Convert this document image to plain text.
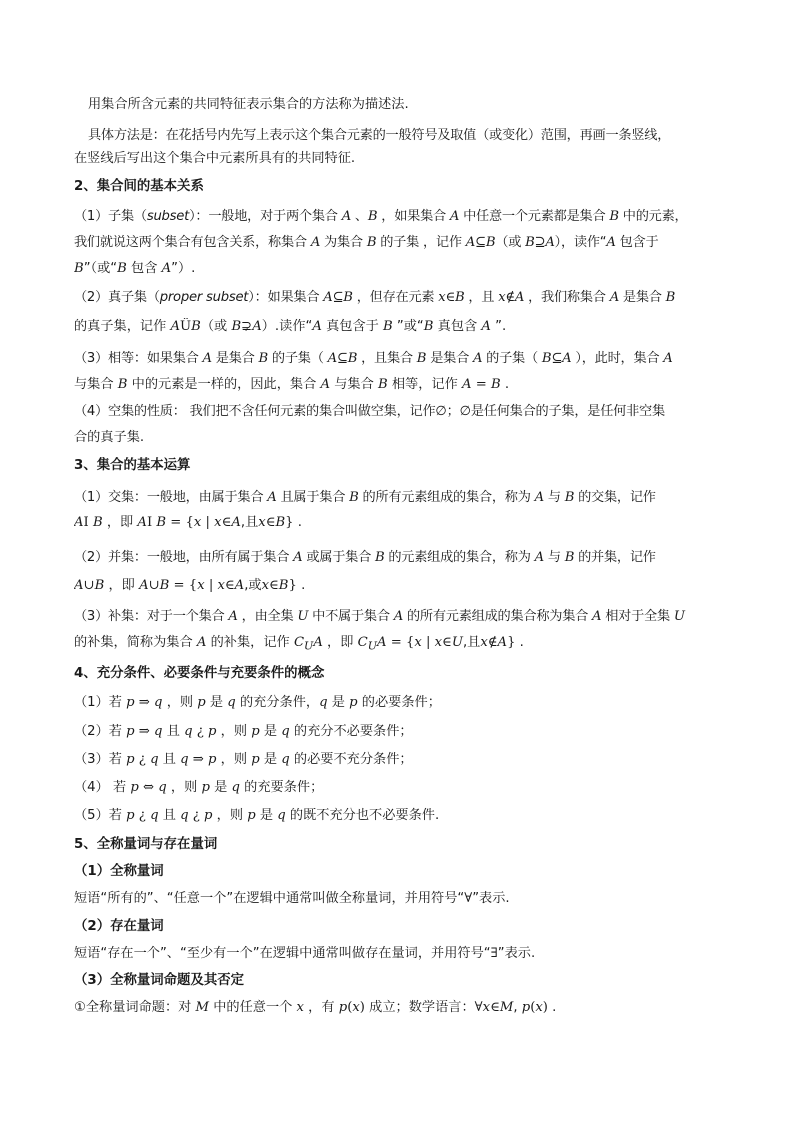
用集合所含元素的共同特征表示集合的方法称为描述法.
具体方法是：在花括号内先写上表示这个集合元素的一般符号及取值（或变化）范围，再画一条竖线，
在竖线后写出这个集合中元素所具有的共同特征.
2、集合间的基本关系
（1）子集（subset）：一般地，对于两个集合 A 、B ，如果集合 A 中任意一个元素都是集合 B 中的元素，
我们就说这两个集合有包含关系，称集合 A 为集合 B 的子集 ，记作 A⊆B（或 B⊇A），读作“A 包含于
B”（或“B 包含 A”）.
（2）真子集（proper subset）：如果集合 A⊆B ，但存在元素 x∈B ，且 x∉A ，我们称集合 A 是集合 B
的真子集，记作 AÜB（或 B⊋A）.读作“A 真包含于 B ”或“B 真包含 A ”.
（3）相等：如果集合 A 是集合 B 的子集（ A⊆B ，且集合 B 是集合 A 的子集（ B⊆A ），此时，集合 A
与集合 B 中的元素是一样的，因此，集合 A 与集合 B 相等，记作 A = B .
（4）空集的性质： 我们把不含任何元素的集合叫做空集，记作∅；∅是任何集合的子集，是任何非空集
合的真子集.
3、集合的基本运算
（1）交集：一般地，由属于集合 A 且属于集合 B 的所有元素组成的集合，称为 A 与 B 的交集，记作
AI B ，即 AI B = {x | x∈A,且x∈B} .
（2）并集：一般地，由所有属于集合 A 或属于集合 B 的元素组成的集合，称为 A 与 B 的并集，记作
A∪B ，即 A∪B = {x | x∈A,或x∈B} .
（3）补集：对于一个集合 A ，由全集 U 中不属于集合 A 的所有元素组成的集合称为集合 A 相对于全集 U
的补集，简称为集合 A 的补集，记作 $C_UA$ ，即 $C_UA = \{x$ | x∈U,且x∉A} .
4、充分条件、必要条件与充要条件的概念
（1）若 p ⇒ q ，则 p 是 q 的充分条件，q 是 p 的必要条件；
（2）若 p ⇒ q 且 q ¿ p ，则 p 是 q 的充分不必要条件；
（3）若 p ¿ q 且 q ⇒ p ，则 p 是 q 的必要不充分条件；
（4） 若 p ⇔ q ，则 p 是 q 的充要条件；
（5）若 p ¿ q 且 q ¿ p ，则 p 是 q 的既不充分也不必要条件.
5、全称量词与存在量词
（1）全称量词
短语“所有的”、“任意一个”在逻辑中通常叫做全称量词，并用符号“∀”表示.
（2）存在量词
短语“存在一个”、“至少有一个”在逻辑中通常叫做存在量词，并用符号“∃”表示.
（3）全称量词命题及其否定
①全称量词命题：对 M 中的任意一个 x ，有 p(x) 成立；数学语言：∀x∈M, p(x) .
